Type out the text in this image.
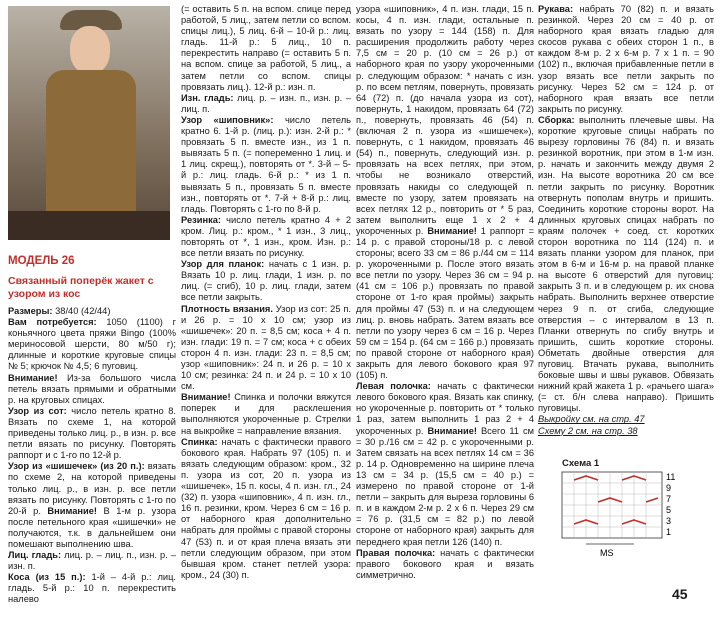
МОДЕЛЬ 26
Связанный поперёк жакет с узором из кос

Размеры: 38/40 (42/44)

Вам потребуется: 1050 (1100) г коньячного цвета пряжи Bingo (100% мериносовой шерсти, 80 м/50 г); длинные и короткие круговые спицы № 5; крючок № 4,5; 6 пуговиц.

Внимание! Из-за большого числа петель вязать прямыми и обратными р. на круговых спицах.

Узор из сот: число петель кратно 8. Вязать по схеме 1, на которой приведены только лиц. р., в изн. р. все петли вязать по рисунку. Повторять раппорт и с 1-го по 12-й р.

Узор из «шишечек» (из 20 п.): вязать по схеме 2, на которой приведены только лиц. р., в изн. р. все петли вязать по рисунку. Повторять с 1-го по 20-й р. Внимание! В 1-м р. узора после петельного края «шишечки» не получаются, т.к. в дальнейшем они помешают выполнению шва.

Лиц. гладь: лиц. р. – лиц. п., изн. р. – изн. п.

Коса (из 15 п.): 1-й – 4-й р.: лиц. гладь. 5-й р.: 10 п. перекрестить налево

(= оставить 5 п. на вспом. спице перед работой, 5 лиц., затем петли со вспом. спицы лиц.), 5 лиц. 6-й – 10-й р.: лиц. гладь. 11-й р.: 5 лиц., 10 п. перекрестить направо (= оставить 5 п. на вспом. спице за работой, 5 лиц., а затем петли со вспом. спицы провязать лиц.). 12-й р.: изн. п.

Изн. гладь: лиц. р. – изн. п., изн. р. – лиц. п.

Узор «шиповник»: число петель кратно 6. 1-й р. (лиц. р.): изн. 2-й р.: * провязать 5 п. вместе изн., из 1 п. вывязать 5 п. (= попеременно 1 лиц. и 1 лиц. скрещ.), повторять от *. 3-й – 5-й р.: лиц. гладь. 6-й р.: * из 1 п. вывязать 5 п., провязать 5 п. вместе изн., повторять от *. 7-й + 8-й р.: лиц. гладь. Повторять с 1-го по 8-й р.

Резинка: число петель кратно 4 + 2 кром. Лиц. р.: кром., * 1 изн., 3 лиц., повторять от *, 1 изн., кром. Изн. р.: все петли вязать по рисунку.

Узор для планок: начать с 1 изн. р. Вязать 10 р. лиц. глади, 1 изн. р. по лиц. (= сгиб), 10 р. лиц. глади, затем все петли закрыть.

Плотность вязания. Узор из сот: 25 п. и 26 р. = 10 х 10 см; узор из «шишечек»: 20 п. = 8,5 см; коса + 4 п. изн. глади: 19 п. = 7 см; коса + с обеих сторон 4 п. изн. глади: 23 п. = 8,5 см; узор «шиповник»: 24 п. и 26 р. = 10 х 10 см; резинка: 24 п. и 24 р. = 10 х 10 см.

Внимание! Спинка и полочки вяжутся поперек и для расклешения выполняются укороченные р. Стрелки на выкройке = направление вязания.

Спинка: начать с фактически правого бокового края. Набрать 97 (105) п. и вязать следующим образом: кром., 32 п. узора из сот, 20 п. узора из «шишечек», 15 п. косы, 4 п. изн. гл., 24 (32) п. узора «шиповник», 4 п. изн. гл., 16 п. резинки, кром. Через 6 см = 16 р. от наборного края дополнительно набрать для проймы с правой стороны 47 (53) п. и от края плеча вязать эти петли следующим образом, при этом бывшая кром. станет петлей узора: кром., 24 (30) п.

узора «шиповник», 4 п. изн. глади, 15 п. косы, 4 п. изн. глади, остальные п. вязать по узору = 144 (158) п. Для расширения продолжить работу через 7,5 см = 20 р. (10 см = 26 р.) от наборного края по узору укороченными р. следующим образом: * начать с изн. р. по всем петлям, повернуть, провязать 64 (72) п. (до начала узора из сот), повернуть, 1 накидом, провязать 64 (72) п., повернуть, провязать 46 (54) п. (включая 2 п. узора из «шишечек»), повернуть, с 1 накидом, провязать 46 (54) п., повернуть, следующий изн. р. провязать на всех петлях, при этом, чтобы не возникало отверстий, провязать накиды со следующей п. вместе по узору, затем провязать на всех петлях 12 р., повторить от * 5 раз, затем выполнить еще 1 х 2 + 4 укороченных р. Внимание! 1 раппорт = 14 р. с правой стороны/18 р. с левой стороны; всего 33 см = 86 р./44 см = 114 р. укороченными р. После этого вязать все петли по узору. Через 36 см = 94 р. (41 см = 106 р.) провязать по правой стороне от 1-го края проймы) закрыть для проймы 47 (53) п. и на следующем лиц. р. вновь набрать. Затем вязать все петли по узору через 6 см = 16 р. Через 59 см = 154 р. (64 см = 166 р.) провязать по правой стороне от наборного края) закрыть для левого бокового края 97 (105) п.

Левая полочка: начать с фактически левого бокового края. Вязать как спинку, но укороченные р. повторить от * только 1 раз, затем выполнить 1 раз 2 + 4 укороченных р. Внимание! Всего 11 см = 30 р./16 см = 42 р. с укороченными р. Затем связать на всех петлях 14 см = 36 р. 14 р. Одновременно на ширине плеча 13 см = 34 р. (15,5 см = 40 р.) = измерено по правой стороне от 1-й петли – закрыть для выреза горловины 6 п. и в каждом 2-м р. 2 х 6 п. Через 29 см = 76 р. (31,5 см = 82 р.) по левой стороне от наборного края) закрыть для переднего края петли 126 (140) п.

Правая полочка: начать с фактически правого бокового края и вязать симметрично.

Рукава: набрать 70 (82) п. и вязать резинкой. Через 20 см = 40 р. от наборного края вязать гладью для скосов рукава с обеих сторон 1 п., в каждом 8-м р. 2 х 6-м р. 7 х 1 п. = 90 (102) п., включая прибавленные петли в узор вязать все петли закрыть по рисунку. Через 52 см = 124 р. от наборного края вязать все петли закрыть по рисунку.

Сборка: выполнить плечевые швы. На короткие круговые спицы набрать по вырезу горловины 76 (84) п. и вязать резинкой воротник, при этом в 1-м изн. р. начать и закончить между двумя 2 изн. На высоте воротника 20 см все петли закрыть по рисунку. Воротник отвернуть пополам внутрь и пришить. Соединить короткие стороны ворот. На длинных круговых спицах набрать по краям полочек + соед. ст. коротких сторон воротника по 114 (124) п. и вязать планки узором для планок, при этом в 6-м и 16-м р. на правой планке на высоте 6 отверстий для пуговиц: закрыть 3 п. и в следующем р. их снова набрать. Выполнить верхнее отверстие через 9 п. от сгиба, следующие отверстия – с интервалом в 13 п. Планки отвернуть по сгибу внутрь и пришить, сшить короткие стороны. Обметать двойные отверстия для пуговиц. Втачать рукава, выполнить боковые швы и швы рукавов. Обвязать нижний край жакета 1 р. «рачьего шага» (= ст. б/н слева направо). Пришить пуговицы.

Выкройку см. на стр. 47

Схему 2 см. на стр. 38

Схема 1
11
9
7
5
3
1
MS
45
